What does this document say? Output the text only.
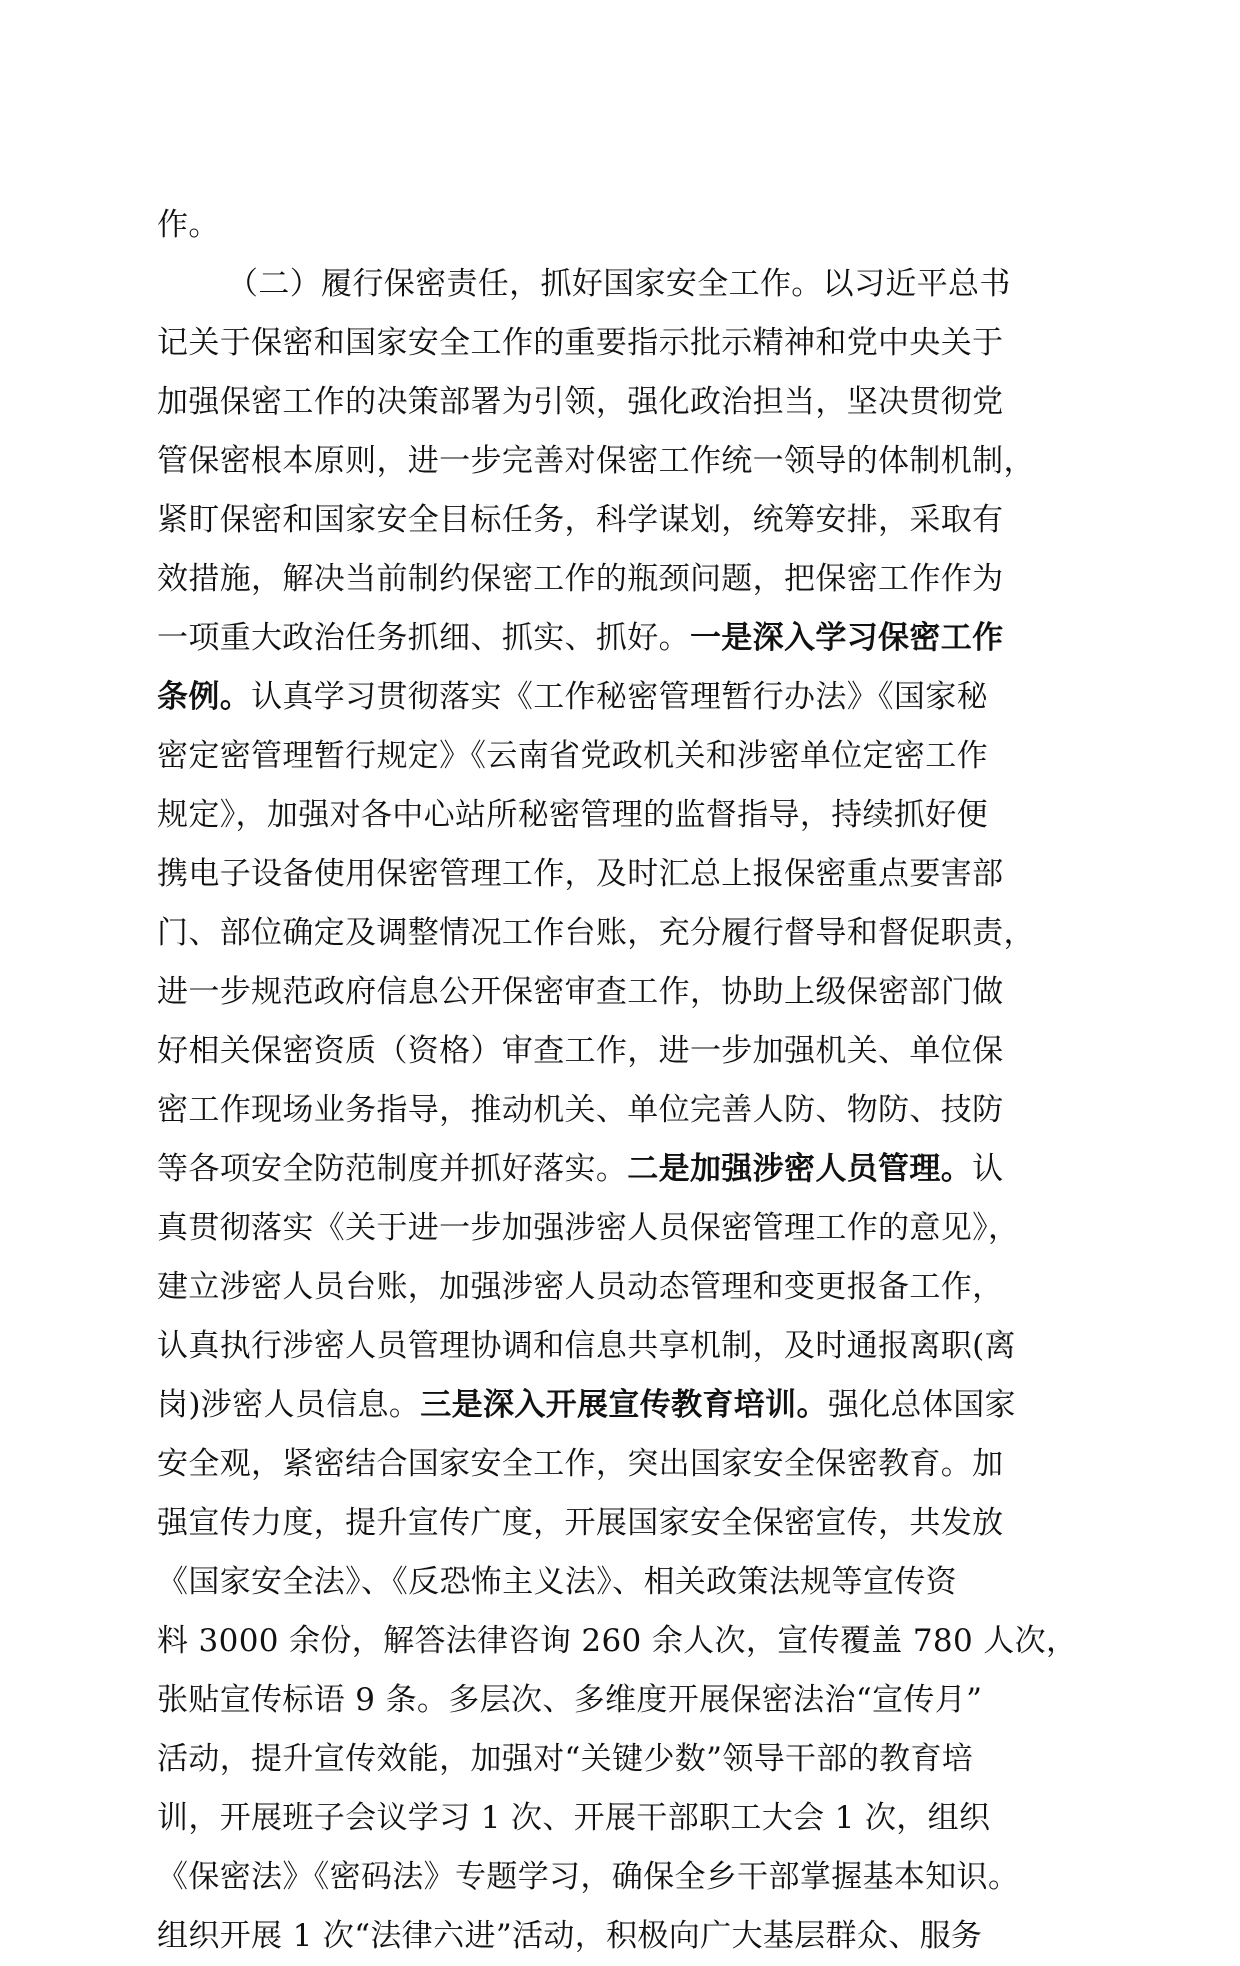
作。
（二）履行保密责任，抓好国家安全工作。以习近平总书
记关于保密和国家安全工作的重要指示批示精神和党中央关于
加强保密工作的决策部署为引领，强化政治担当，坚决贯彻党
管保密根本原则，进一步完善对保密工作统一领导的体制机制，
紧盯保密和国家安全目标任务，科学谋划，统筹安排，采取有
效措施，解决当前制约保密工作的瓶颈问题，把保密工作作为
一项重大政治任务抓细、抓实、抓好。一是深入学习保密工作
条例。认真学习贯彻落实《工作秘密管理暂行办法》《国家秘
密定密管理暂行规定》《云南省党政机关和涉密单位定密工作
规定》，加强对各中心站所秘密管理的监督指导，持续抓好便
携电子设备使用保密管理工作，及时汇总上报保密重点要害部
门、部位确定及调整情况工作台账，充分履行督导和督促职责，
进一步规范政府信息公开保密审查工作，协助上级保密部门做
好相关保密资质（资格）审查工作，进一步加强机关、单位保
密工作现场业务指导，推动机关、单位完善人防、物防、技防
等各项安全防范制度并抓好落实。二是加强涉密人员管理。认
真贯彻落实《关于进一步加强涉密人员保密管理工作的意见》，
建立涉密人员台账，加强涉密人员动态管理和变更报备工作，
认真执行涉密人员管理协调和信息共享机制，及时通报离职(离
岗)涉密人员信息。三是深入开展宣传教育培训。强化总体国家
安全观，紧密结合国家安全工作，突出国家安全保密教育。加
强宣传力度，提升宣传广度，开展国家安全保密宣传，共发放
《国家安全法》、《反恐怖主义法》、相关政策法规等宣传资
料 3000 余份，解答法律咨询 260 余人次，宣传覆盖 780 人次，
张贴宣传标语 9 条。多层次、多维度开展保密法治“宣传月”
活动，提升宣传效能，加强对“关键少数”领导干部的教育培
训，开展班子会议学习 1 次、开展干部职工大会 1 次，组织
《保密法》《密码法》专题学习，确保全乡干部掌握基本知识。
组织开展 1 次“法律六进”活动，积极向广大基层群众、服务
